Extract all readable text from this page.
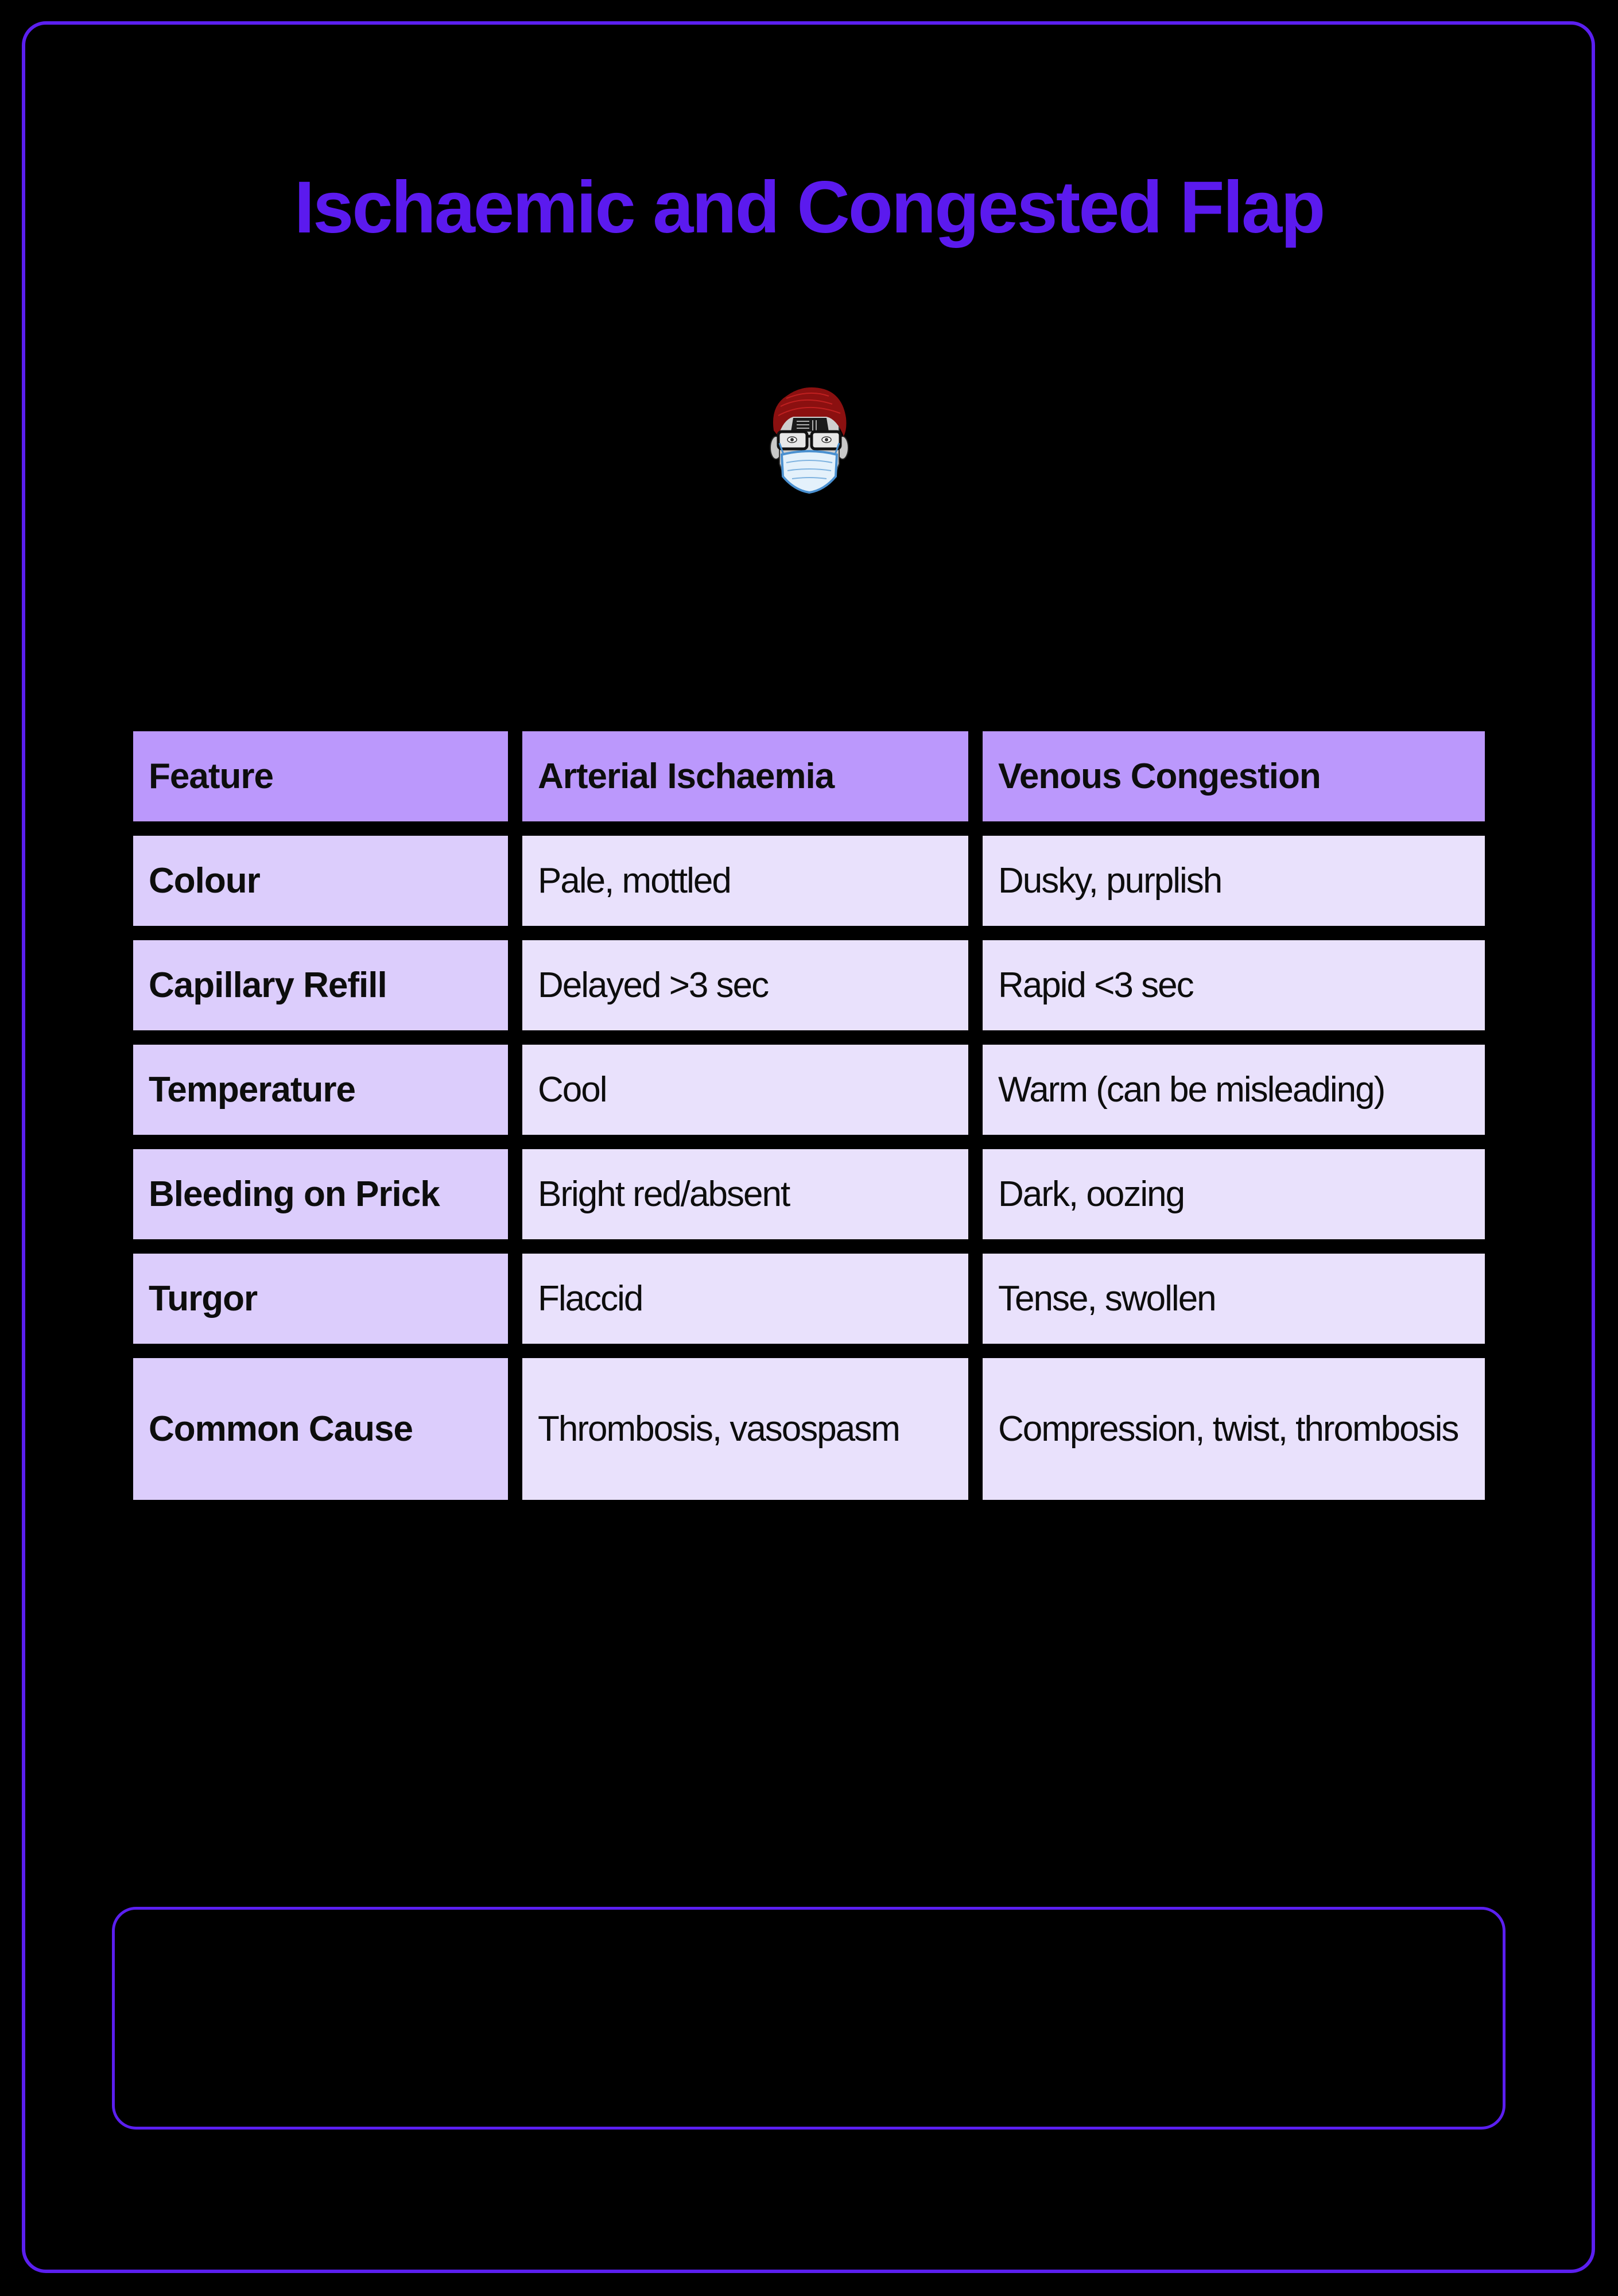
Ischaemic and Congested Flap
Feature	Arterial Ischaemia	Venous Congestion
Colour	Pale, mottled	Dusky, purplish
Capillary Refill	Delayed >3 sec	Rapid <3 sec
Temperature	Cool	Warm (can be misleading)
Bleeding on Prick	Bright red/absent	Dark, oozing
Turgor	Flaccid	Tense, swollen
Common Cause	Thrombosis, vasospasm	Compression, twist, thrombosis
